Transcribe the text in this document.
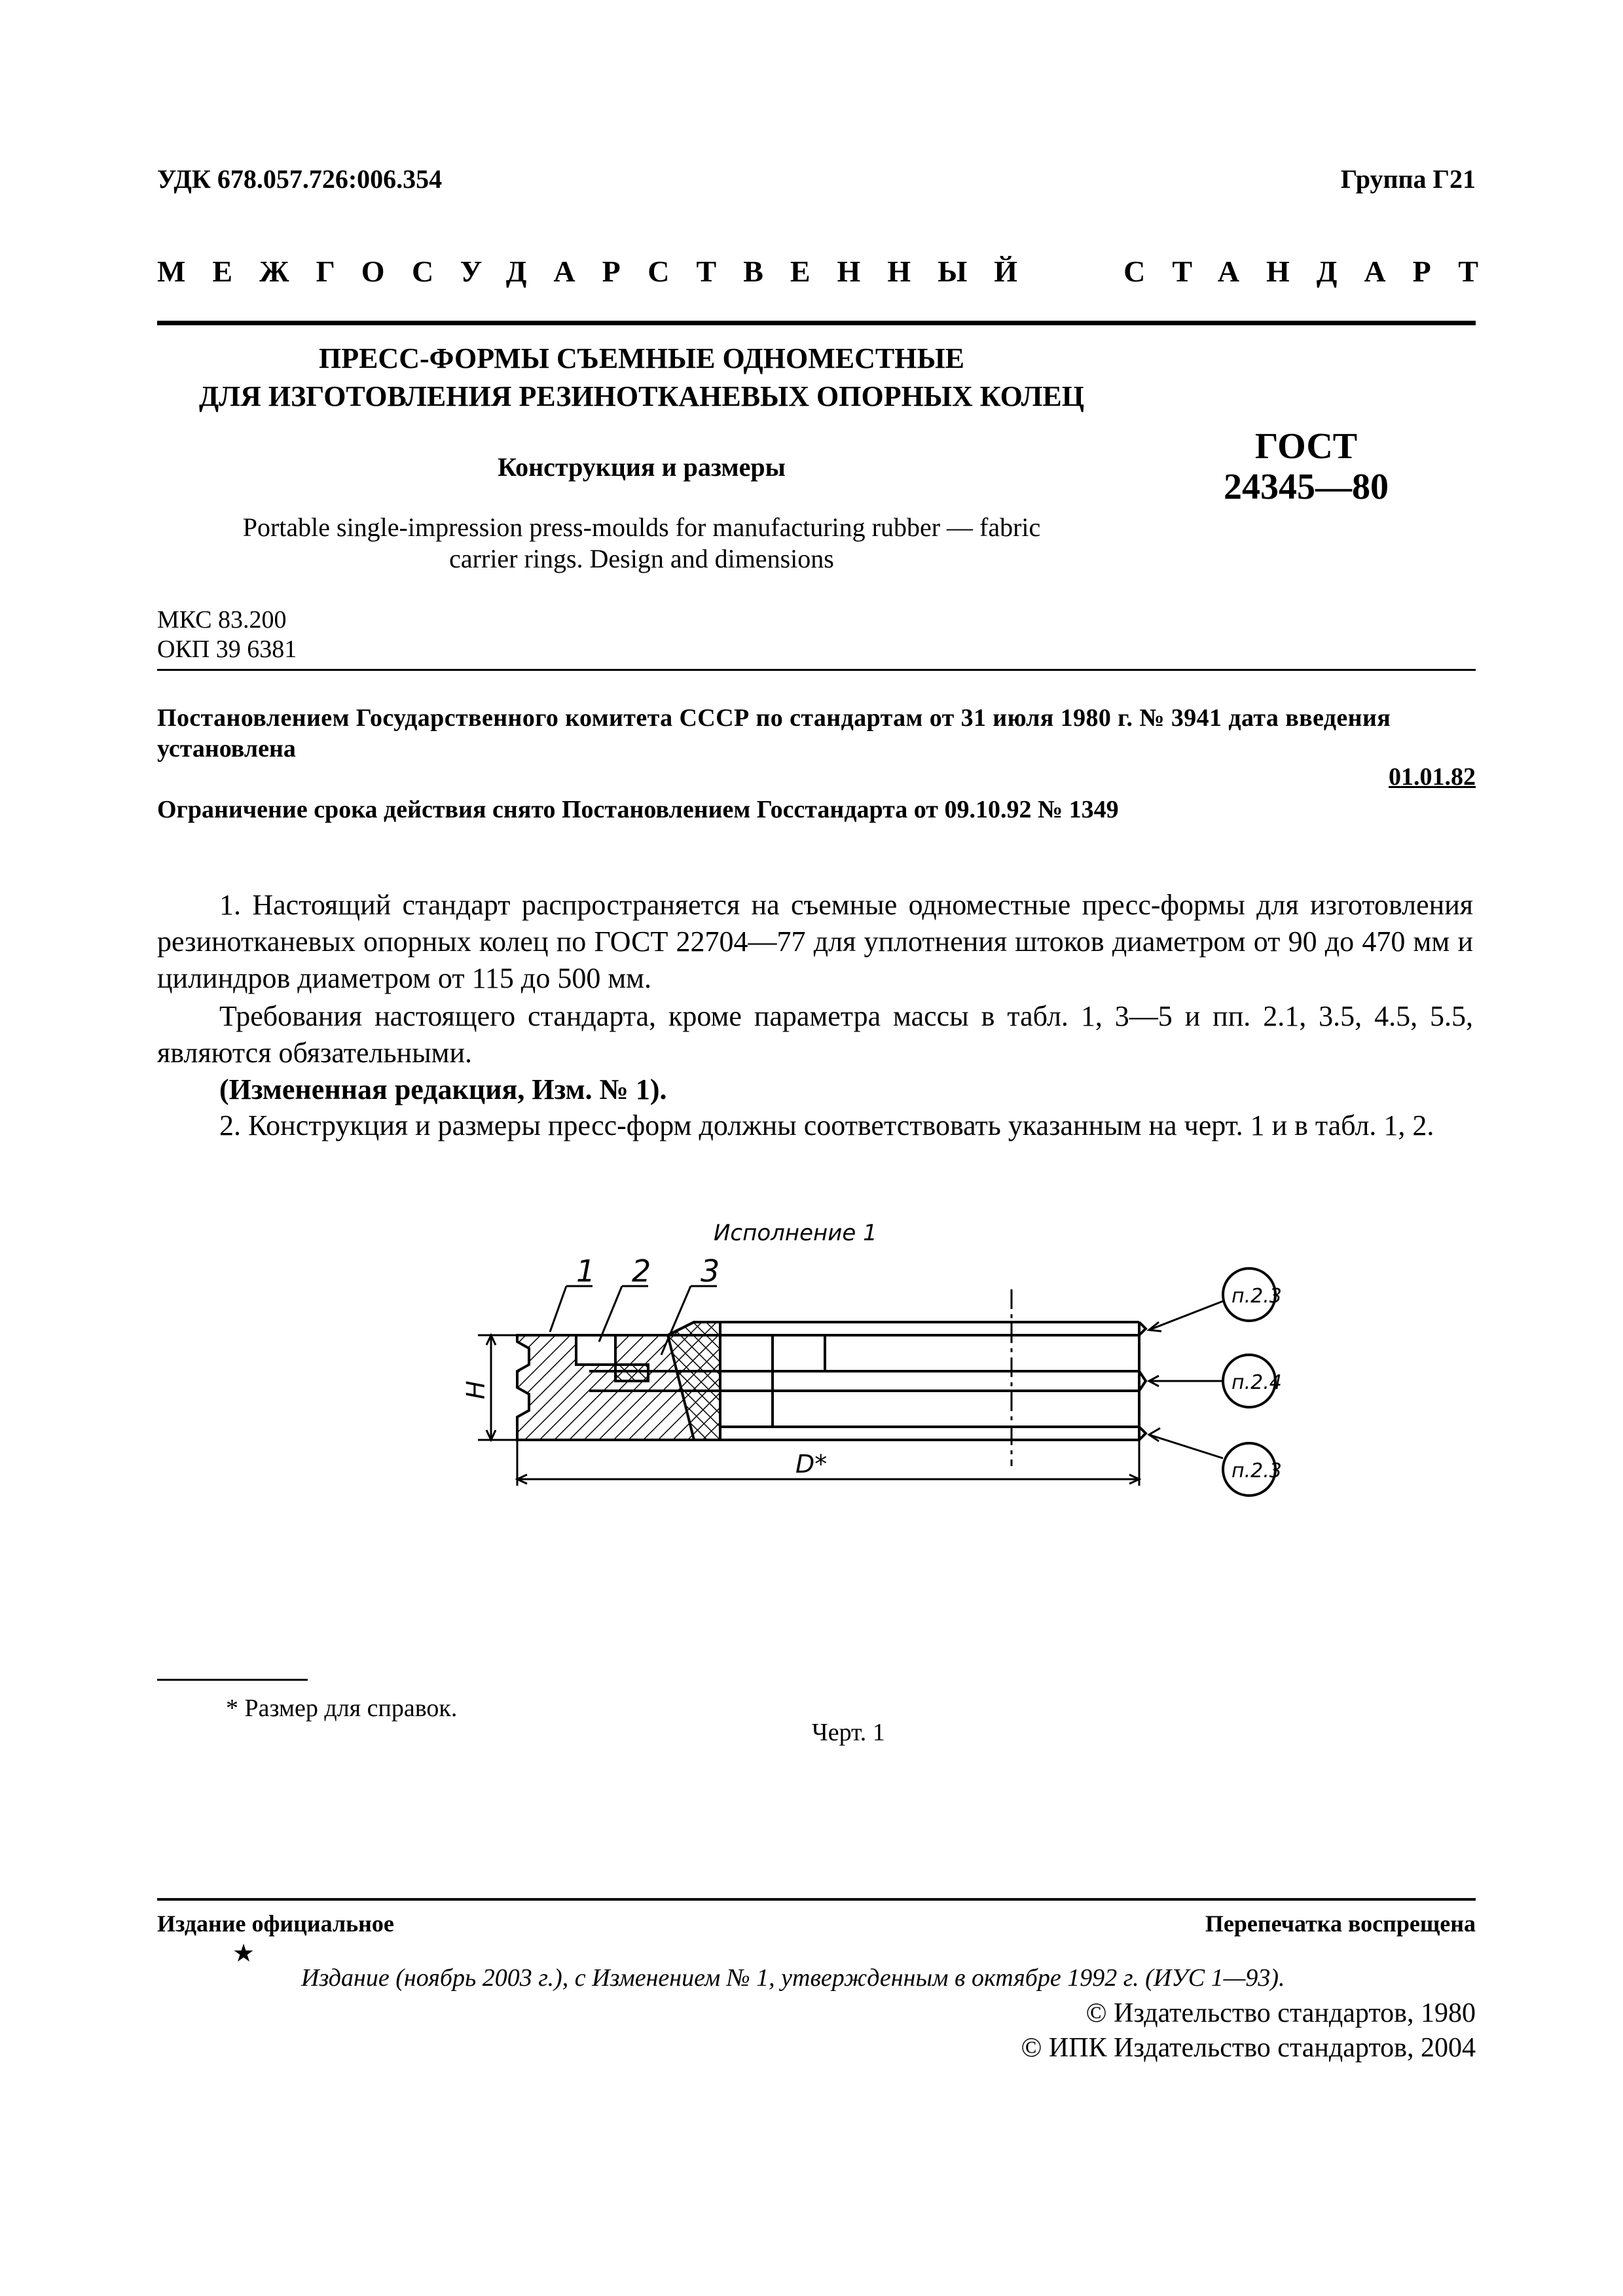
УДК 678.057.726:006.354	Группа Г21
МЕЖГОСУДАРСТВЕННЫЙ	СТАНДАРТ
ПРЕСС-ФОРМЫ СЪЕМНЫЕ ОДНОМЕСТНЫЕ
ДЛЯ ИЗГОТОВЛЕНИЯ РЕЗИНОТКАНЕВЫХ ОПОРНЫХ КОЛЕЦ
Конструкция и размеры
ГОСТ
24345—80
Portable single-impression press-moulds for manufacturing rubber — fabric
carrier rings. Design and dimensions
МКС 83.200
ОКП 39 6381
Постановлением Государственного комитета СССР по стандартам от 31 июля 1980 г. № 3941 дата введения
установлена
01.01.82
Ограничение срока действия снято Постановлением Госстандарта от 09.10.92 № 1349
1. Настоящий стандарт распространяется на съемные одноместные пресс-формы для изготовления резинотканевых опорных колец по ГОСТ 22704—77 для уплотнения штоков диаметром от 90 до 470 мм и цилиндров диаметром от 115 до 500 мм.
Требования настоящего стандарта, кроме параметра массы в табл. 1, 3—5 и пп. 2.1, 3.5, 4.5, 5.5, являются обязательными.
(Измененная редакция, Изм. № 1).
2. Конструкция и размеры пресс-форм должны соответствовать указанным на черт. 1 и в табл. 1, 2.
Исполнение 1
1 2 3
H
D*
п.2.3
п.2.4
п.2.3
* Размер для справок.
Черт. 1
Издание официальное	Перепечатка воспрещена
★
Издание (ноябрь 2003 г.), с Изменением № 1, утвержденным в октябре 1992 г. (ИУС 1—93).
© Издательство стандартов, 1980
© ИПК Издательство стандартов, 2004
